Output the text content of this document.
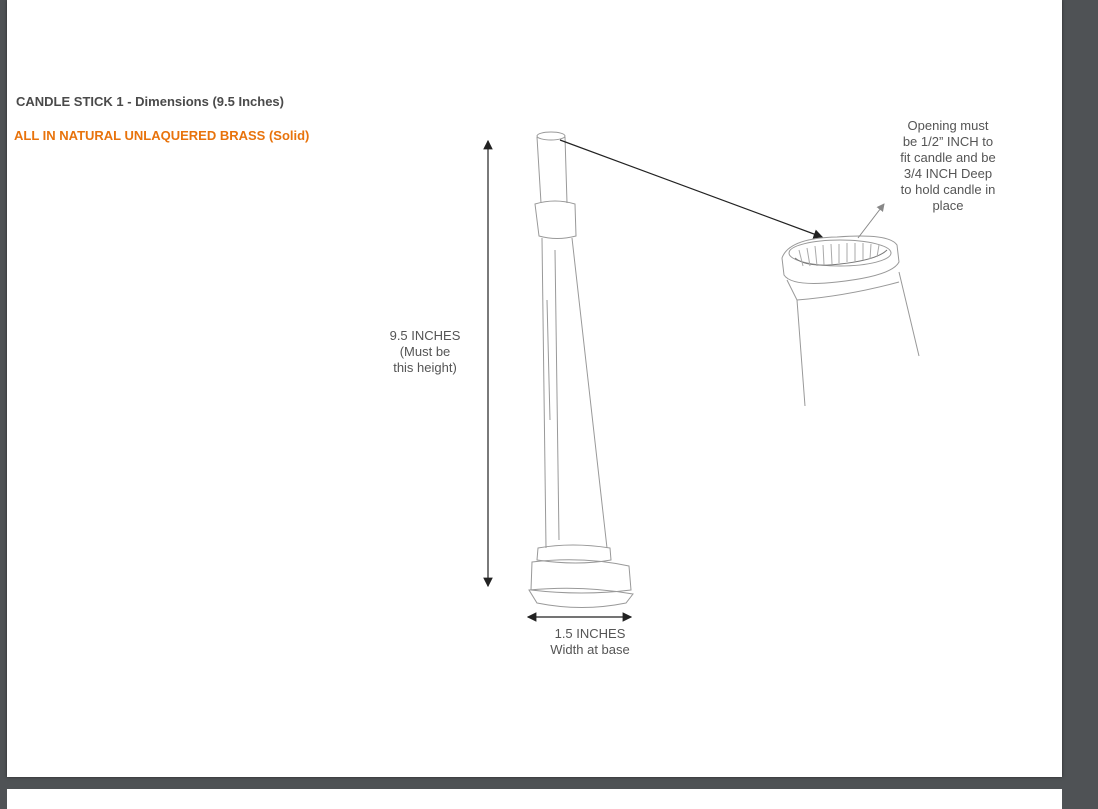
CANDLE STICK 1 - Dimensions (9.5 Inches)
ALL IN NATURAL UNLAQUERED BRASS (Solid)
9.5 INCHES
(Must be
this height)
1.5 INCHES
Width at base
Opening must
be 1/2” INCH to
fit candle and be
3/4 INCH Deep
to hold candle in
place
